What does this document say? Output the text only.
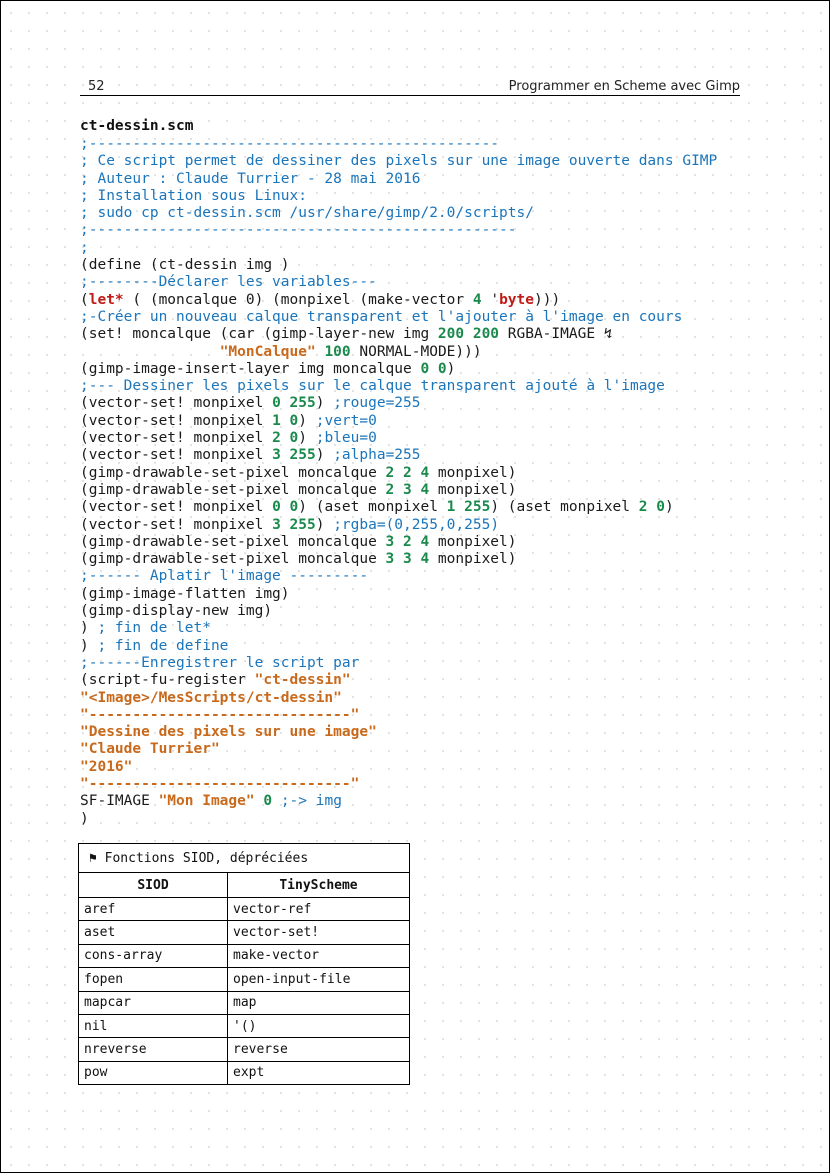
52	Programmer en Scheme avec Gimp
ct-dessin.scm
;-----------------------------------------------
; Ce script permet de dessiner des pixels sur une image ouverte dans GIMP
; Auteur : Claude Turrier - 28 mai 2016
; Installation sous Linux:
; sudo cp ct-dessin.scm /usr/share/gimp/2.0/scripts/
;-------------------------------------------------
;
(define (ct-dessin img )
;--------Déclarer les variables---
(let* ( (moncalque 0) (monpixel (make-vector 4 'byte)))
;-Créer un nouveau calque transparent et l'ajouter à l'image en cours
(set! moncalque (car (gimp-layer-new img 200 200 RGBA-IMAGE ↯
"MonCalque" 100 NORMAL-MODE)))
(gimp-image-insert-layer img moncalque 0 0)
;--- Dessiner les pixels sur le calque transparent ajouté à l'image
(vector-set! monpixel 0 255) ;rouge=255
(vector-set! monpixel 1 0) ;vert=0
(vector-set! monpixel 2 0) ;bleu=0
(vector-set! monpixel 3 255) ;alpha=255
(gimp-drawable-set-pixel moncalque 2 2 4 monpixel)
(gimp-drawable-set-pixel moncalque 2 3 4 monpixel)
(vector-set! monpixel 0 0) (aset monpixel 1 255) (aset monpixel 2 0)
(vector-set! monpixel 3 255) ;rgba=(0,255,0,255)
(gimp-drawable-set-pixel moncalque 3 2 4 monpixel)
(gimp-drawable-set-pixel moncalque 3 3 4 monpixel)
;------ Aplatir l'image ---------
(gimp-image-flatten img)
(gimp-display-new img)
) ; fin de let*
) ; fin de define
;------Enregistrer le script par
(script-fu-register "ct-dessin"
"<Image>/MesScripts/ct-dessin"
"------------------------------"
"Dessine des pixels sur une image"
"Claude Turrier"
"2016"
"------------------------------"
SF-IMAGE "Mon Image" 0 ;-> img
)
⚑ Fonctions SIOD, dépréciées	
SIOD	TinyScheme
aref	vector-ref
aset	vector-set!
cons-array	make-vector
fopen	open-input-file
mapcar	map
nil	'()
nreverse	reverse
pow	expt
